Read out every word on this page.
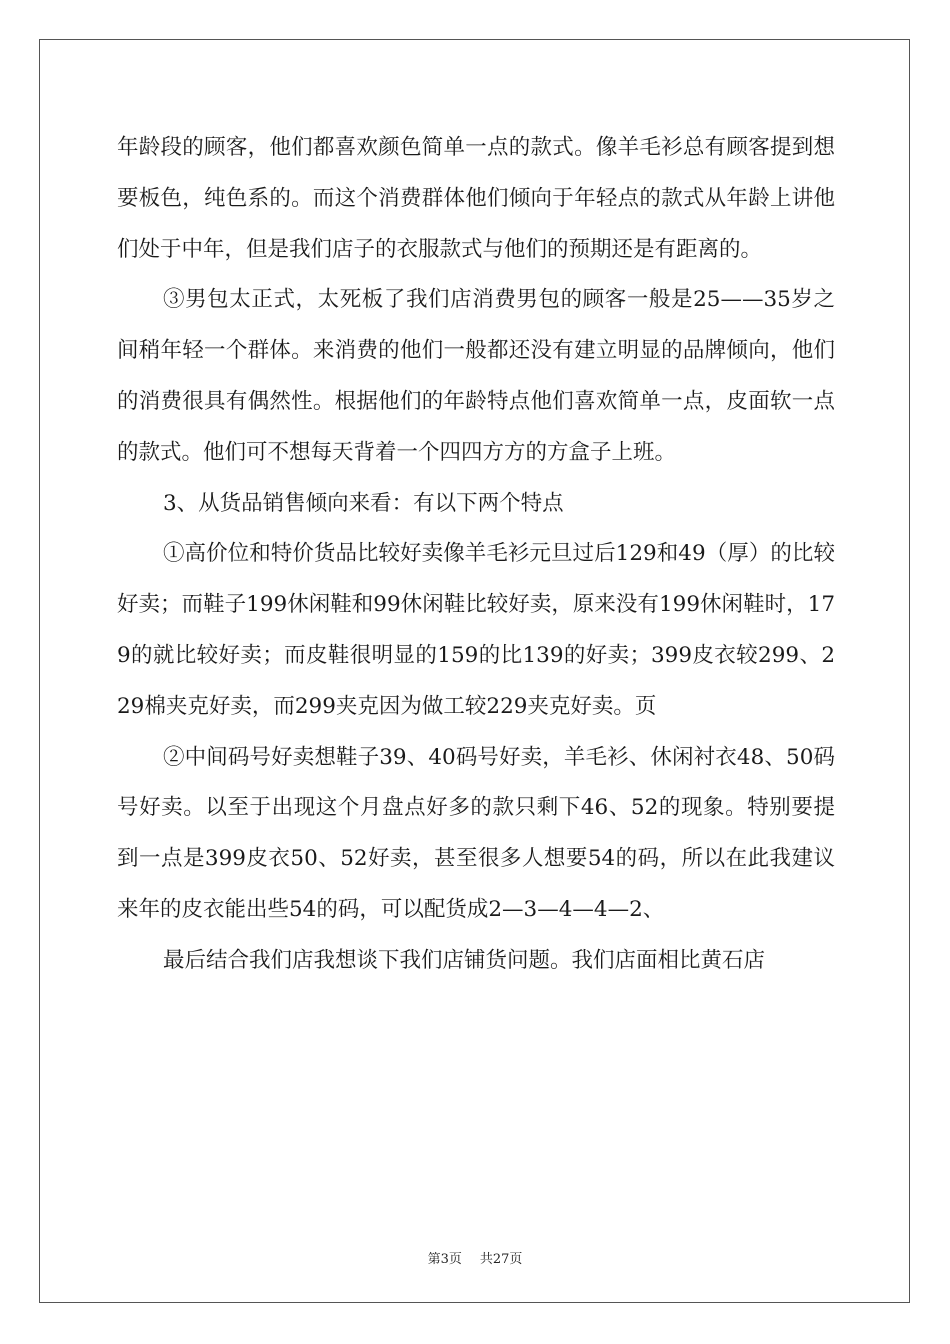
年龄段的顾客，他们都喜欢颜色简单一点的款式。像羊毛衫总有顾客提到想要板色，纯色系的。而这个消费群体他们倾向于年轻点的款式从年龄上讲他们处于中年，但是我们店子的衣服款式与他们的预期还是有距离的。

③男包太正式，太死板了我们店消费男包的顾客一般是25——35岁之间稍年轻一个群体。来消费的他们一般都还没有建立明显的品牌倾向，他们的消费很具有偶然性。根据他们的年龄特点他们喜欢简单一点，皮面软一点的款式。他们可不想每天背着一个四四方方的方盒子上班。

3、从货品销售倾向来看：有以下两个特点

①高价位和特价货品比较好卖像羊毛衫元旦过后129和49（厚）的比较好卖；而鞋子199休闲鞋和99休闲鞋比较好卖，原来没有199休闲鞋时，179的就比较好卖；而皮鞋很明显的159的比139的好卖；399皮衣较299、229棉夹克好卖，而299夹克因为做工较229夹克好卖。页

②中间码号好卖想鞋子39、40码号好卖，羊毛衫、休闲衬衣48、50码号好卖。以至于出现这个月盘点好多的款只剩下46、52的现象。特别要提到一点是399皮衣50、52好卖，甚至很多人想要54的码，所以在此我建议来年的皮衣能出些54的码，可以配货成2—3—4—4—2、

最后结合我们店我想谈下我们店铺货问题。我们店面相比黄石店

第3页 共27页
